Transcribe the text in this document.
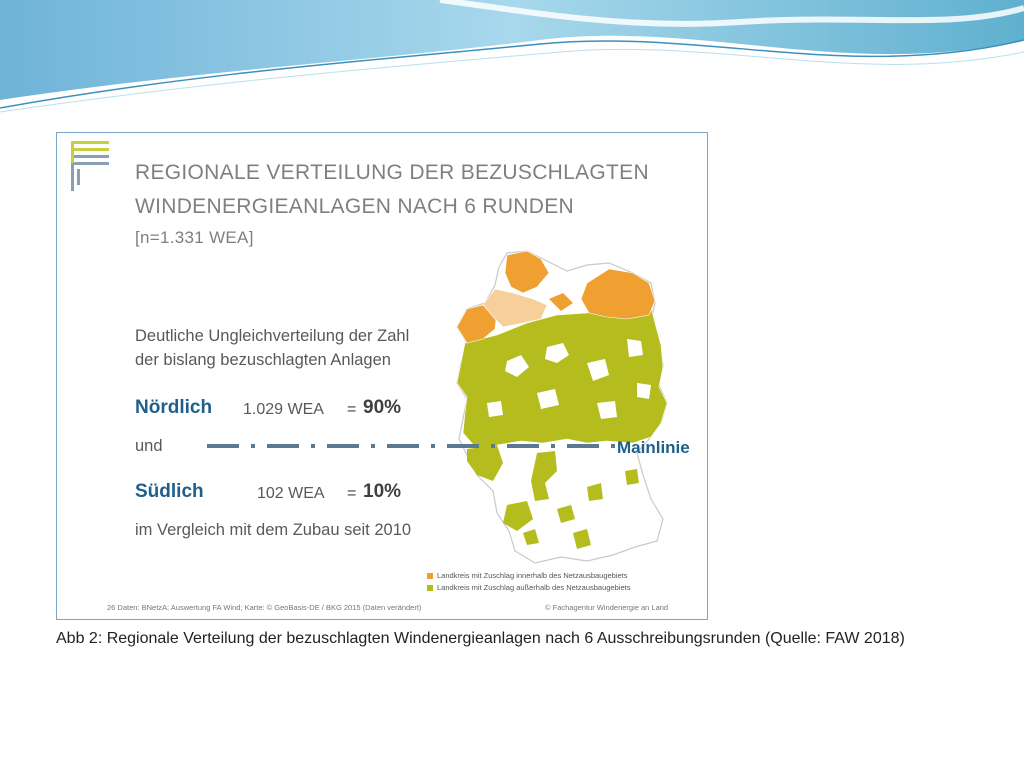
REGIONALE VERTEILUNG DER BEZUSCHLAGTEN
WINDENERGIEANLAGEN NACH 6 RUNDEN
[n=1.331 WEA]
Deutliche Ungleichverteilung der Zahl
der bislang bezuschlagten Anlagen
Nördlich 1.029 WEA = 90%
und	Mainlinie
Südlich	102 WEA = 10%
im Vergleich mit dem Zubau seit 2010
Landkreis mit Zuschlag innerhalb des Netzausbaugebiets
Landkreis mit Zuschlag außerhalb des Netzausbaugebiets
26 Daten: BNetzA; Auswertung FA Wind; Karte: © GeoBasis-DE / BKG 2015 (Daten verändert)	© Fachagentur Windenergie an Land
Abb 2: Regionale Verteilung der bezuschlagten Windenergieanlagen nach 6 Ausschreibungsrunden (Quelle: FAW 2018)
